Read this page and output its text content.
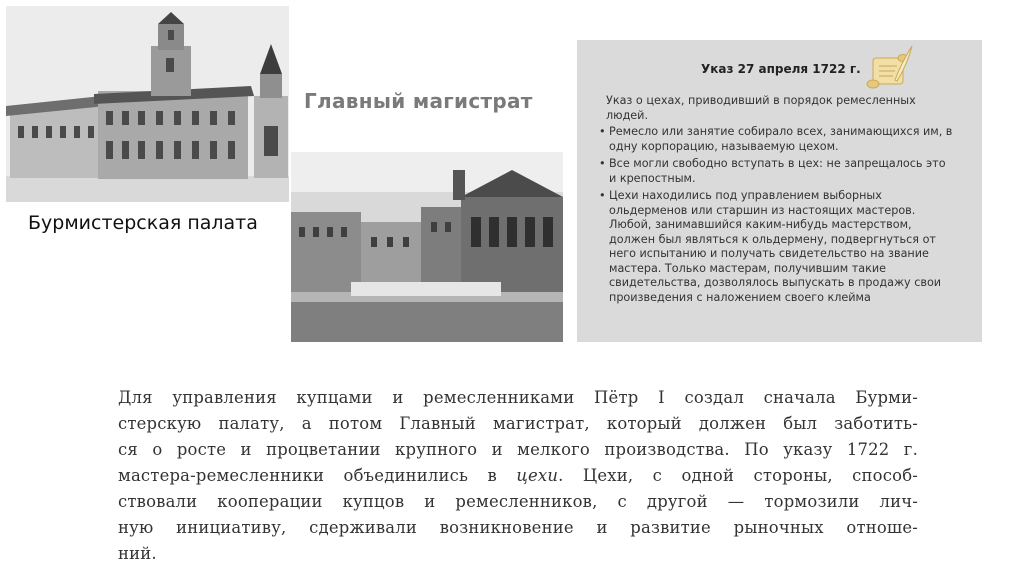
Бурмистерская палата
Главный магистрат
Указ 27 апреля 1722 г.
Указ о цехах, приводивший в порядок ремесленных людей.
• Ремесло или занятие собирало всех, занимающихся им, в одну корпорацию, называемую цехом.
• Все могли свободно вступать в цех: не запрещалось это и крепостным.
• Цехи находились под управлением выборных ольдерменов или старшин из настоящих мастеров. Любой, занимавшийся каким-нибудь мастерством, должен был являться к ольдермену, подвергнуться от него испытанию и получать свидетельство на звание мастера. Только мастерам, получившим такие свидетельства, дозволялось выпускать в продажу свои произведения с наложением своего клейма
Для управления купцами и ремесленниками Пётр I создал сначала Бурми-
стерскую палату, а потом Главный магистрат, который должен был заботить-
ся о росте и процветании крупного и мелкого производства. По указу 1722 г.
мастера-ремесленники объединились в цехи. Цехи, с одной стороны, способ-
ствовали кооперации купцов и ремесленников, с другой — тормозили лич-
ную инициативу, сдерживали возникновение и развитие рыночных отноше-
ний.
